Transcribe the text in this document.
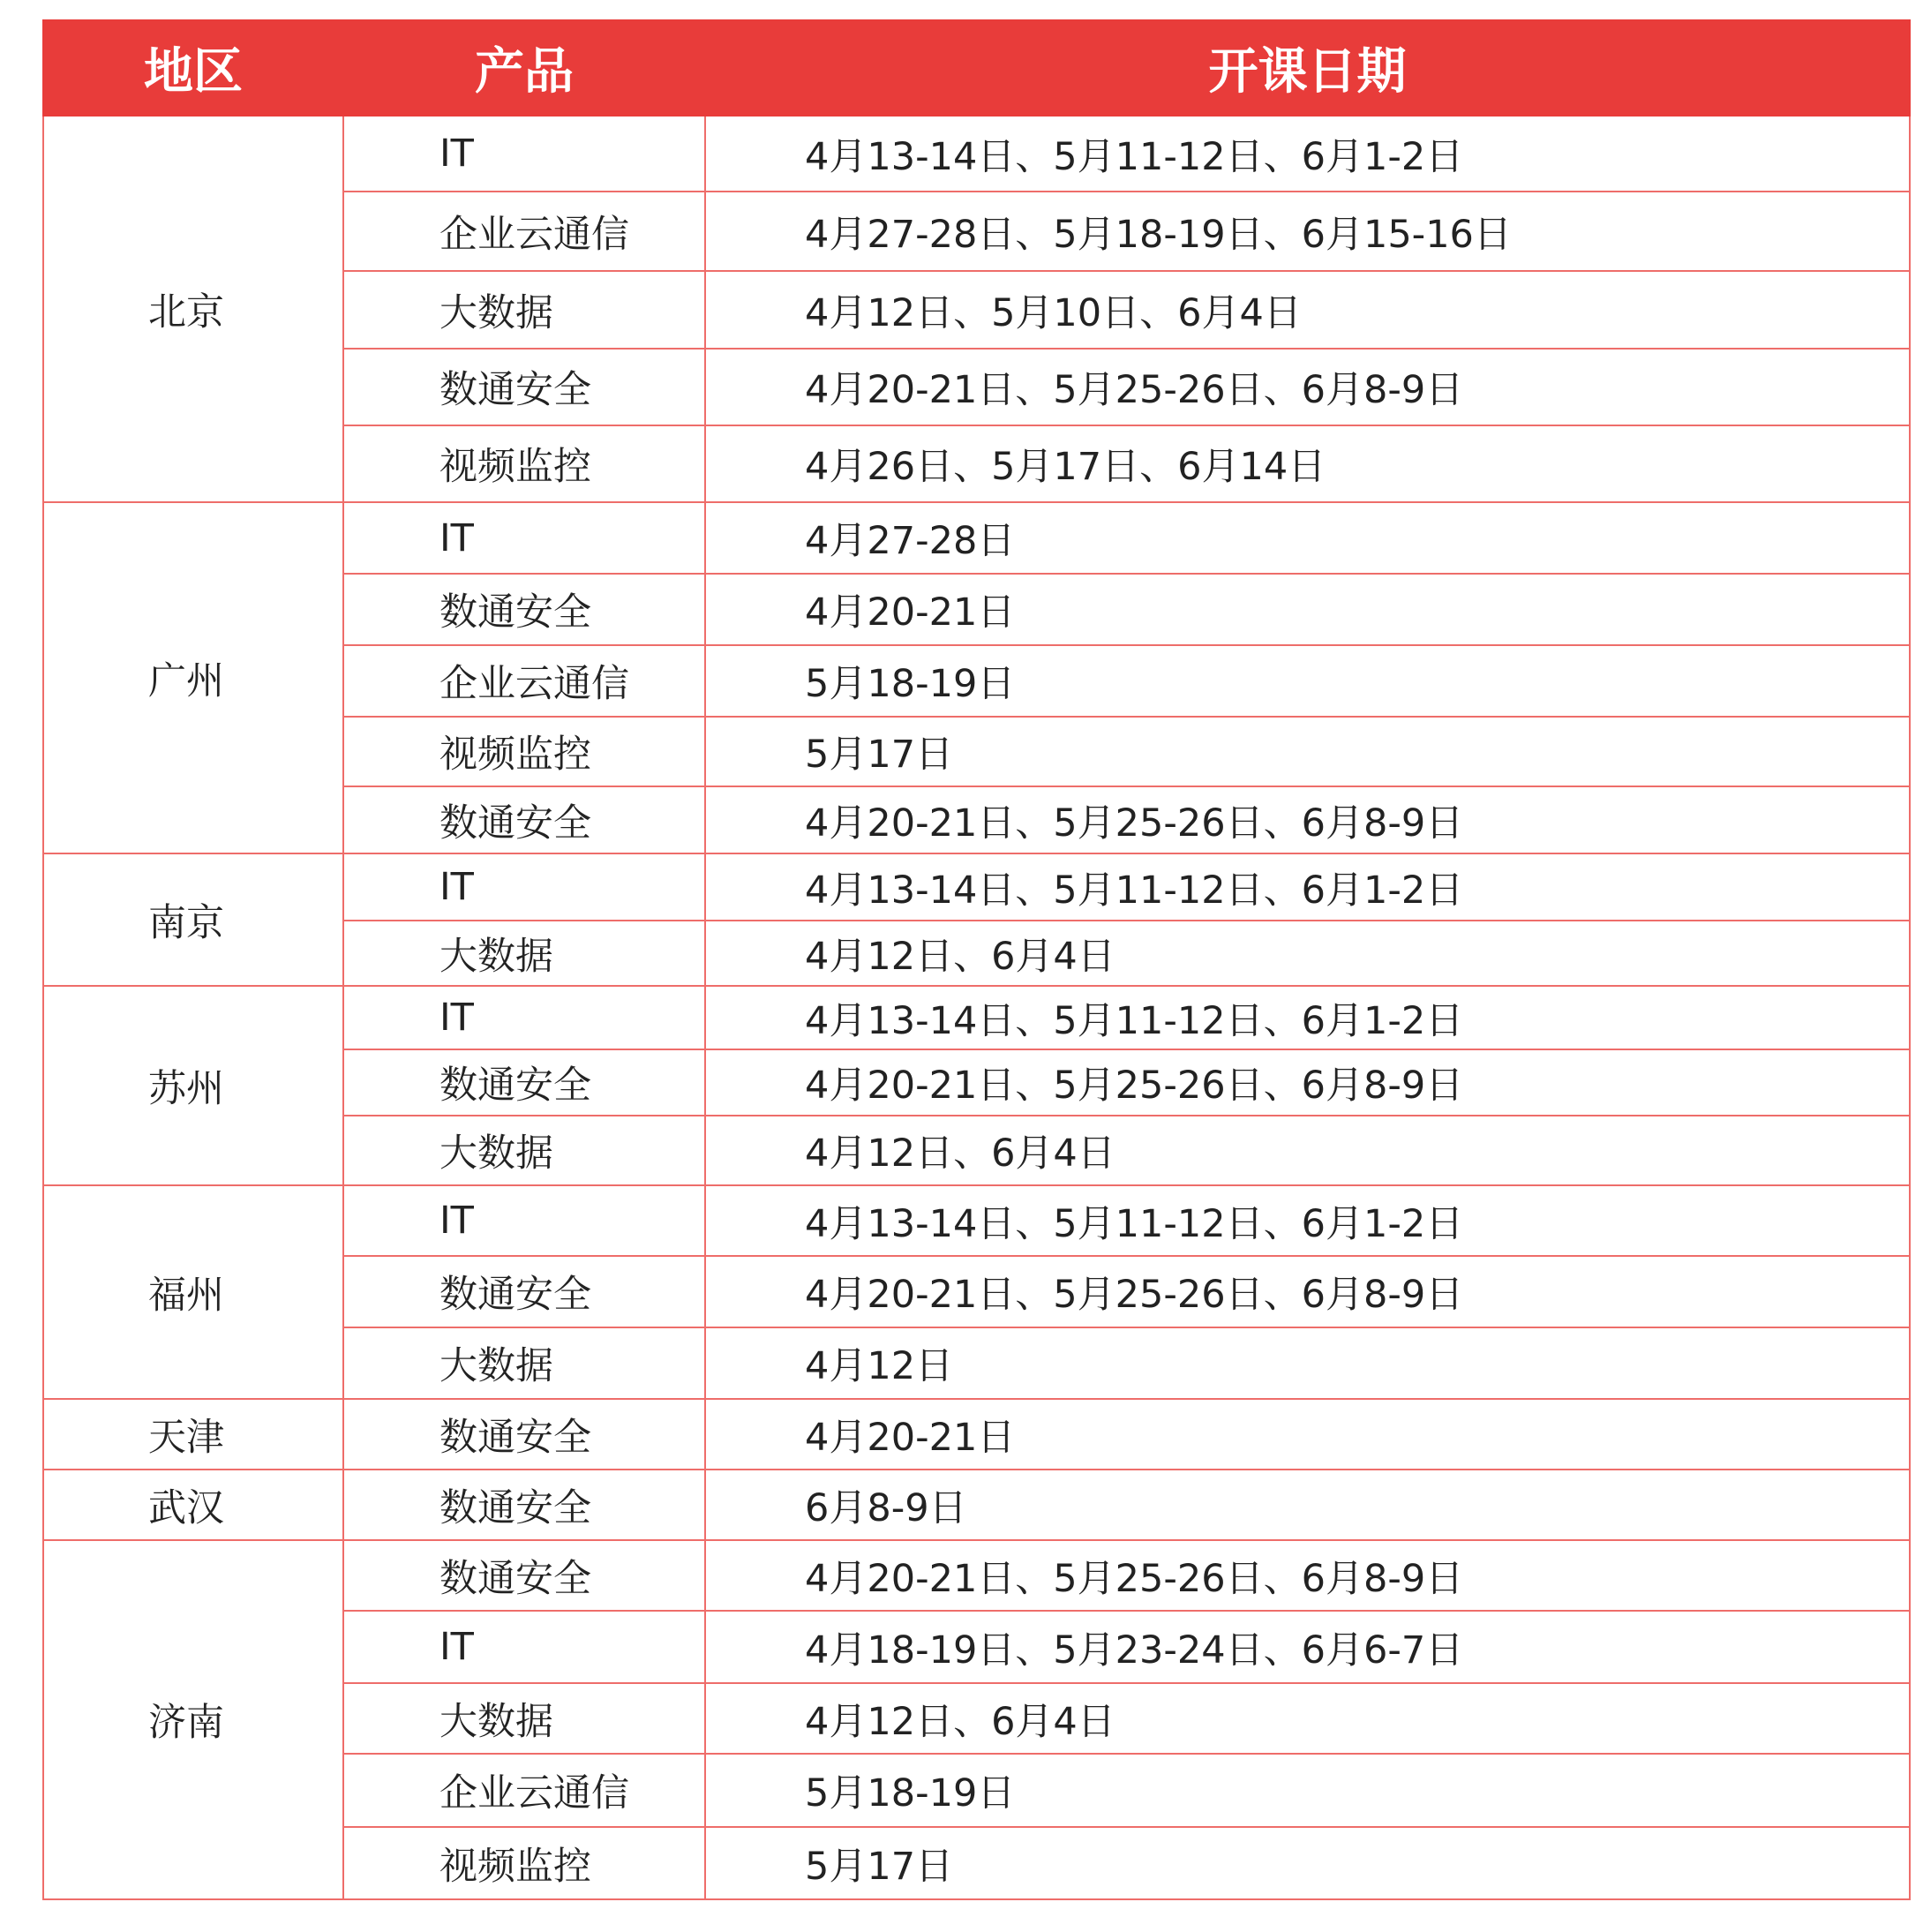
地区	产品	开课日期
北京	IT	4月13-14日、5月11-12日、6月1-2日
	企业云通信	4月27-28日、5月18-19日、6月15-16日
	大数据	4月12日、5月10日、6月4日
	数通安全	4月20-21日、5月25-26日、6月8-9日
	视频监控	4月26日、5月17日、6月14日
广州	IT	4月27-28日
	数通安全	4月20-21日
	企业云通信	5月18-19日
	视频监控	5月17日
	数通安全	4月20-21日、5月25-26日、6月8-9日
南京	IT	4月13-14日、5月11-12日、6月1-2日
	大数据	4月12日、6月4日
苏州	IT	4月13-14日、5月11-12日、6月1-2日
	数通安全	4月20-21日、5月25-26日、6月8-9日
	大数据	4月12日、6月4日
福州	IT	4月13-14日、5月11-12日、6月1-2日
	数通安全	4月20-21日、5月25-26日、6月8-9日
	大数据	4月12日
天津	数通安全	4月20-21日
武汉	数通安全	6月8-9日
济南	数通安全	4月20-21日、5月25-26日、6月8-9日
	IT	4月18-19日、5月23-24日、6月6-7日
	大数据	4月12日、6月4日
	企业云通信	5月18-19日
	视频监控	5月17日
